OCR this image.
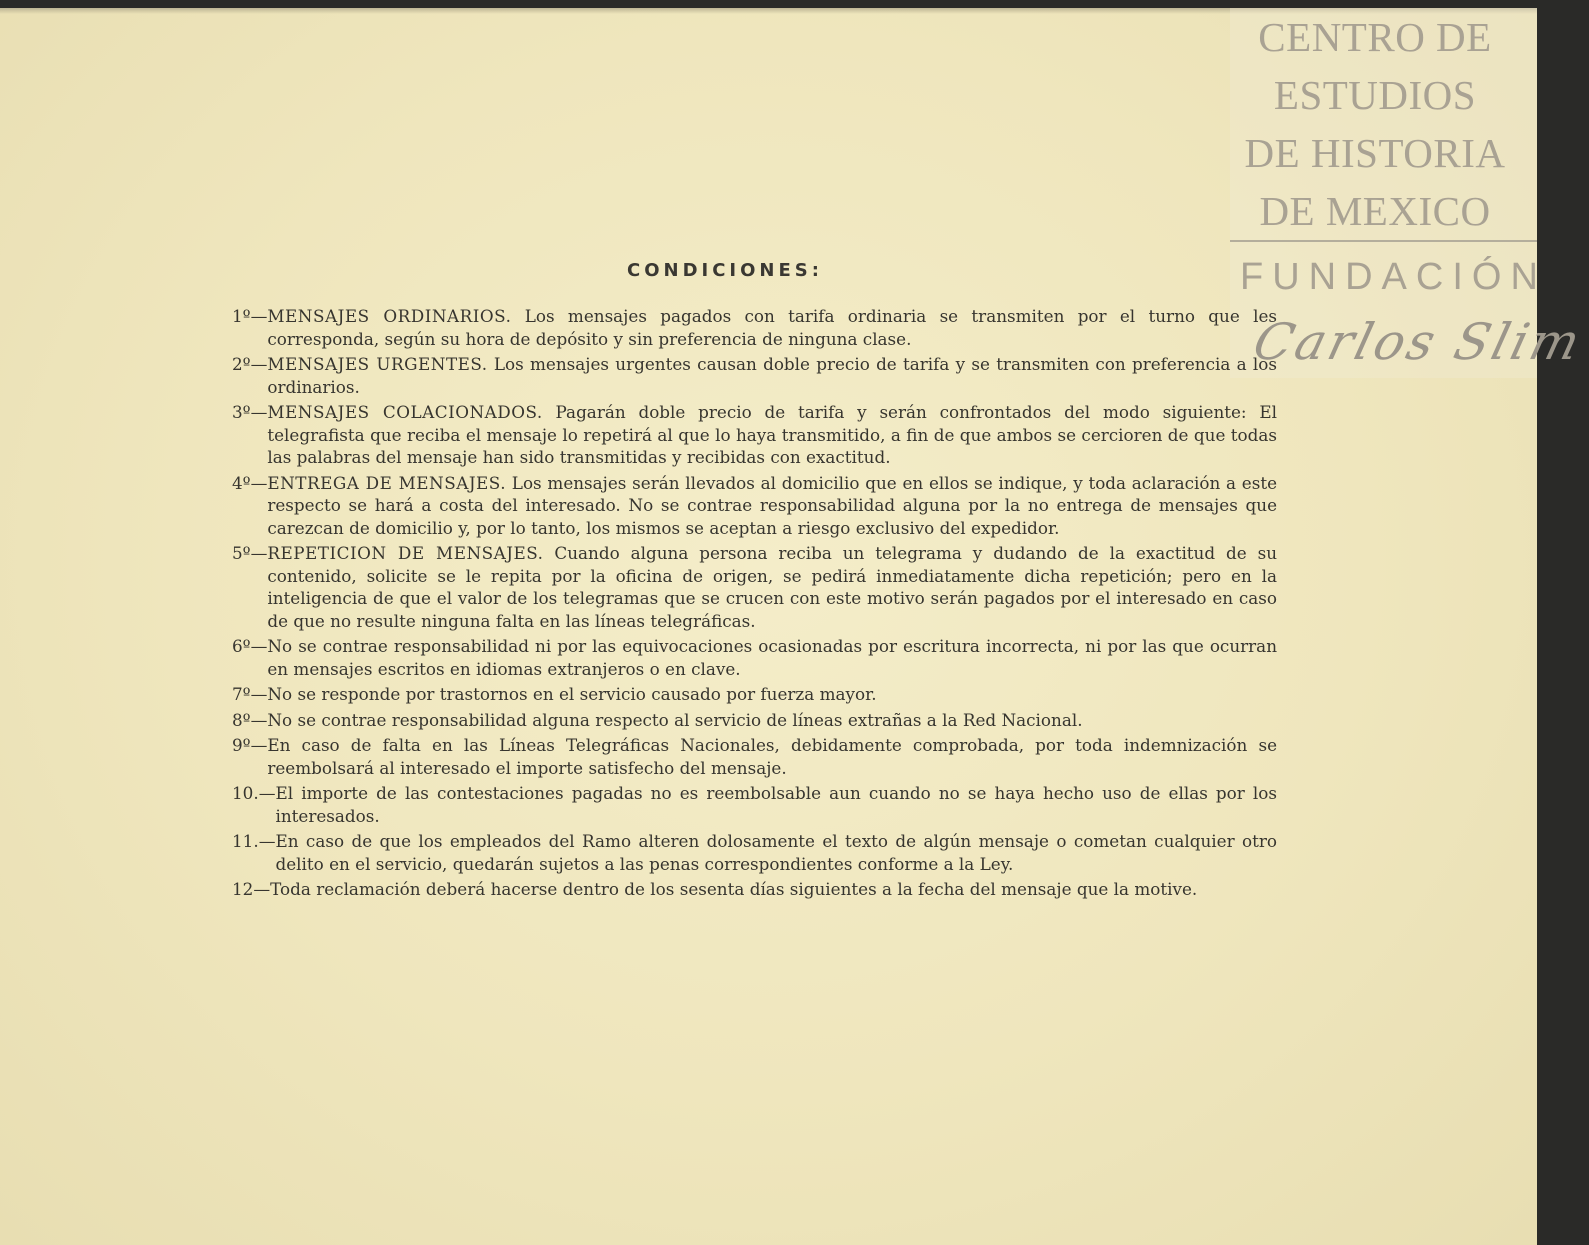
CENTRO DE
ESTUDIOS
DE HISTORIA
DE MEXICO
FUNDACIÓN
Carlos Slim
CONDICIONES:
1º— MENSAJES ORDINARIOS. Los mensajes pagados con tarifa ordinaria se transmiten por el turno que les corresponda, según su hora de depósito y sin preferencia de ninguna clase.
2º— MENSAJES URGENTES. Los mensajes urgentes causan doble precio de tarifa y se transmiten con preferencia a los ordinarios.
3º— MENSAJES COLACIONADOS. Pagarán doble precio de tarifa y serán confrontados del modo siguiente: El telegrafista que reciba el mensaje lo repetirá al que lo haya transmitido, a fin de que ambos se cercioren de que todas las palabras del mensaje han sido transmitidas y recibidas con exactitud.
4º— ENTREGA DE MENSAJES. Los mensajes serán llevados al domicilio que en ellos se indique, y toda aclaración a este respecto se hará a costa del interesado. No se contrae responsabilidad alguna por la no entrega de mensajes que carezcan de domicilio y, por lo tanto, los mismos se aceptan a riesgo exclusivo del expedidor.
5º— REPETICION DE MENSAJES. Cuando alguna persona reciba un telegrama y dudando de la exactitud de su contenido, solicite se le repita por la oficina de origen, se pedirá inmediatamente dicha repetición; pero en la inteligencia de que el valor de los telegramas que se crucen con este motivo serán pagados por el interesado en caso de que no resulte ninguna falta en las líneas telegráficas.
6º— No se contrae responsabilidad ni por las equivocaciones ocasionadas por escritura incorrecta, ni por las que ocurran en mensajes escritos en idiomas extranjeros o en clave.
7º— No se responde por trastornos en el servicio causado por fuerza mayor.
8º— No se contrae responsabilidad alguna respecto al servicio de líneas extrañas a la Red Nacional.
9º— En caso de falta en las Líneas Telegráficas Nacionales, debidamente comprobada, por toda indemnización se reembolsará al interesado el importe satisfecho del mensaje.
10.— El importe de las contestaciones pagadas no es reembolsable aun cuando no se haya hecho uso de ellas por los interesados.
11.— En caso de que los empleados del Ramo alteren dolosamente el texto de algún mensaje o cometan cualquier otro delito en el servicio, quedarán sujetos a las penas correspondientes conforme a la Ley.
12— Toda reclamación deberá hacerse dentro de los sesenta días siguientes a la fecha del mensaje que la motive.
